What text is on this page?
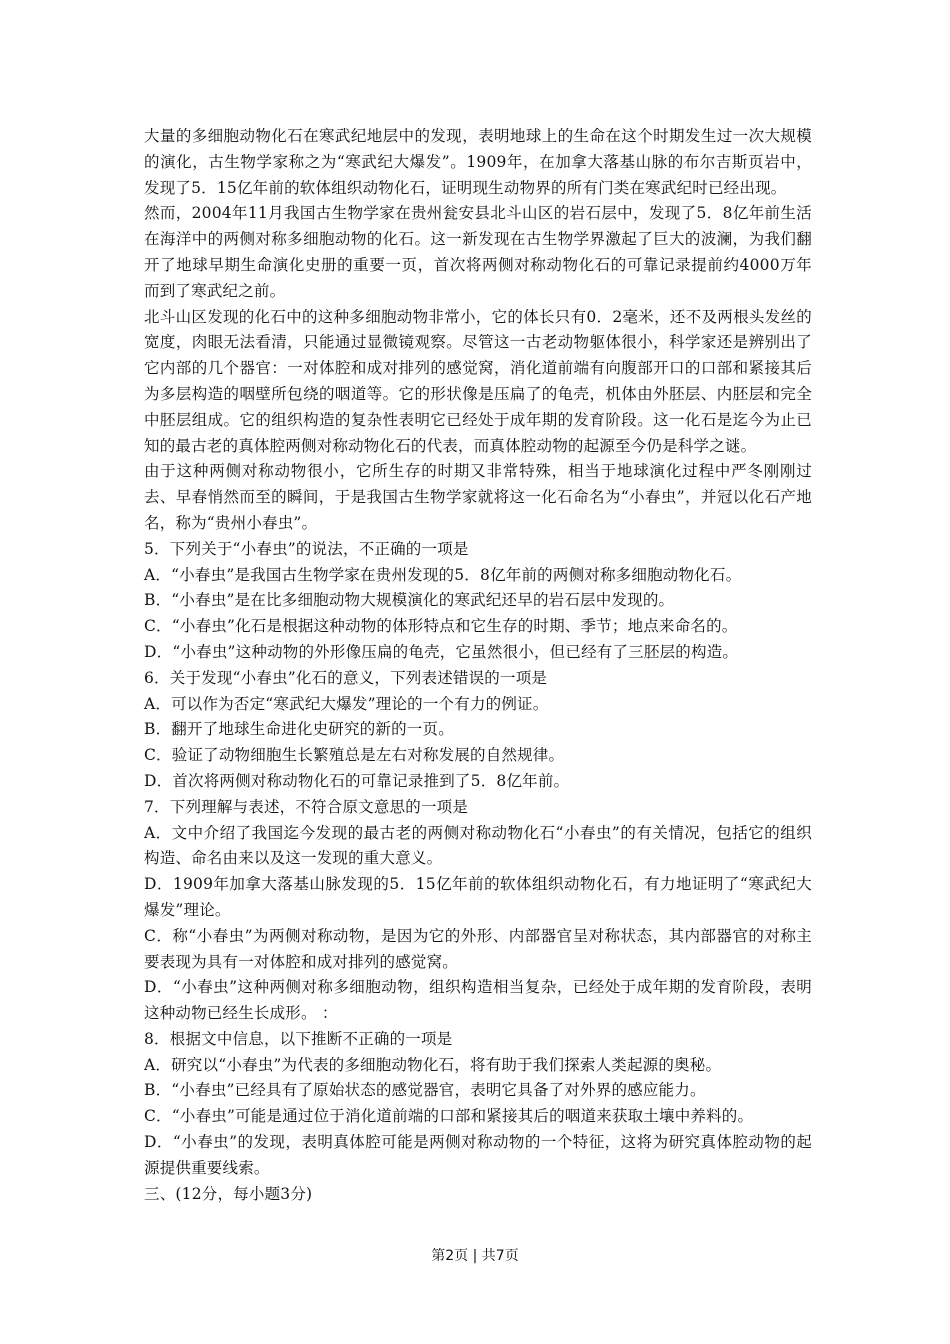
大量的多细胞动物化石在寒武纪地层中的发现，表明地球上的生命在这个时期发生过一次大规模的演化，古生物学家称之为“寒武纪大爆发”。1909年，在加拿大落基山脉的布尔吉斯页岩中，发现了5．15亿年前的软体组织动物化石，证明现生动物界的所有门类在寒武纪时已经出现。

然而，2004年11月我国古生物学家在贵州瓮安县北斗山区的岩石层中，发现了5．8亿年前生活在海洋中的两侧对称多细胞动物的化石。这一新发现在古生物学界激起了巨大的波澜，为我们翻开了地球早期生命演化史册的重要一页，首次将两侧对称动物化石的可靠记录提前约4000万年而到了寒武纪之前。

北斗山区发现的化石中的这种多细胞动物非常小，它的体长只有0．2毫米，还不及两根头发丝的宽度，肉眼无法看清，只能通过显微镜观察。尽管这一古老动物躯体很小，科学家还是辨别出了它内部的几个器官：一对体腔和成对排列的感觉窝，消化道前端有向腹部开口的口部和紧接其后为多层构造的咽壁所包绕的咽道等。它的形状像是压扁了的龟壳，机体由外胚层、内胚层和完全中胚层组成。它的组织构造的复杂性表明它已经处于成年期的发育阶段。这一化石是迄今为止已知的最古老的真体腔两侧对称动物化石的代表，而真体腔动物的起源至今仍是科学之谜。

由于这种两侧对称动物很小，它所生存的时期又非常特殊，相当于地球演化过程中严冬刚刚过去、早春悄然而至的瞬间，于是我国古生物学家就将这一化石命名为“小春虫”，并冠以化石产地名，称为“贵州小春虫”。

5．下列关于“小春虫”的说法，不正确的一项是

A．“小春虫”是我国古生物学家在贵州发现的5．8亿年前的两侧对称多细胞动物化石。

B．“小春虫”是在比多细胞动物大规模演化的寒武纪还早的岩石层中发现的。

C．“小春虫”化石是根据这种动物的体形特点和它生存的时期、季节；地点来命名的。

D．“小春虫”这种动物的外形像压扁的龟壳，它虽然很小，但已经有了三胚层的构造。

6．关于发现“小春虫”化石的意义，下列表述错误的一项是

A．可以作为否定“寒武纪大爆发”理论的一个有力的例证。

B．翻开了地球生命进化史研究的新的一页。

C．验证了动物细胞生长繁殖总是左右对称发展的自然规律。

D．首次将两侧对称动物化石的可靠记录推到了5．8亿年前。

7．下列理解与表述，不符合原文意思的一项是

A．文中介绍了我国迄今发现的最古老的两侧对称动物化石“小春虫”的有关情况，包括它的组织构造、命名由来以及这一发现的重大意义。

D．1909年加拿大落基山脉发现的5．15亿年前的软体组织动物化石，有力地证明了“寒武纪大爆发”理论。

C．称“小春虫”为两侧对称动物，是因为它的外形、内部器官呈对称状态，其内部器官的对称主要表现为具有一对体腔和成对排列的感觉窝。

D．“小春虫”这种两侧对称多细胞动物，组织构造相当复杂，已经处于成年期的发育阶段，表明这种动物已经生长成形。 ：

8．根据文中信息，以下推断不正确的一项是

A．研究以“小春虫”为代表的多细胞动物化石，将有助于我们探索人类起源的奥秘。

B．“小春虫”已经具有了原始状态的感觉器官，表明它具备了对外界的感应能力。

C．“小春虫”可能是通过位于消化道前端的口部和紧接其后的咽道来获取土壤中养料的。

D．“小春虫”的发现，表明真体腔可能是两侧对称动物的一个特征，这将为研究真体腔动物的起源提供重要线索。

三、(12分，每小题3分)

第2页 | 共7页
